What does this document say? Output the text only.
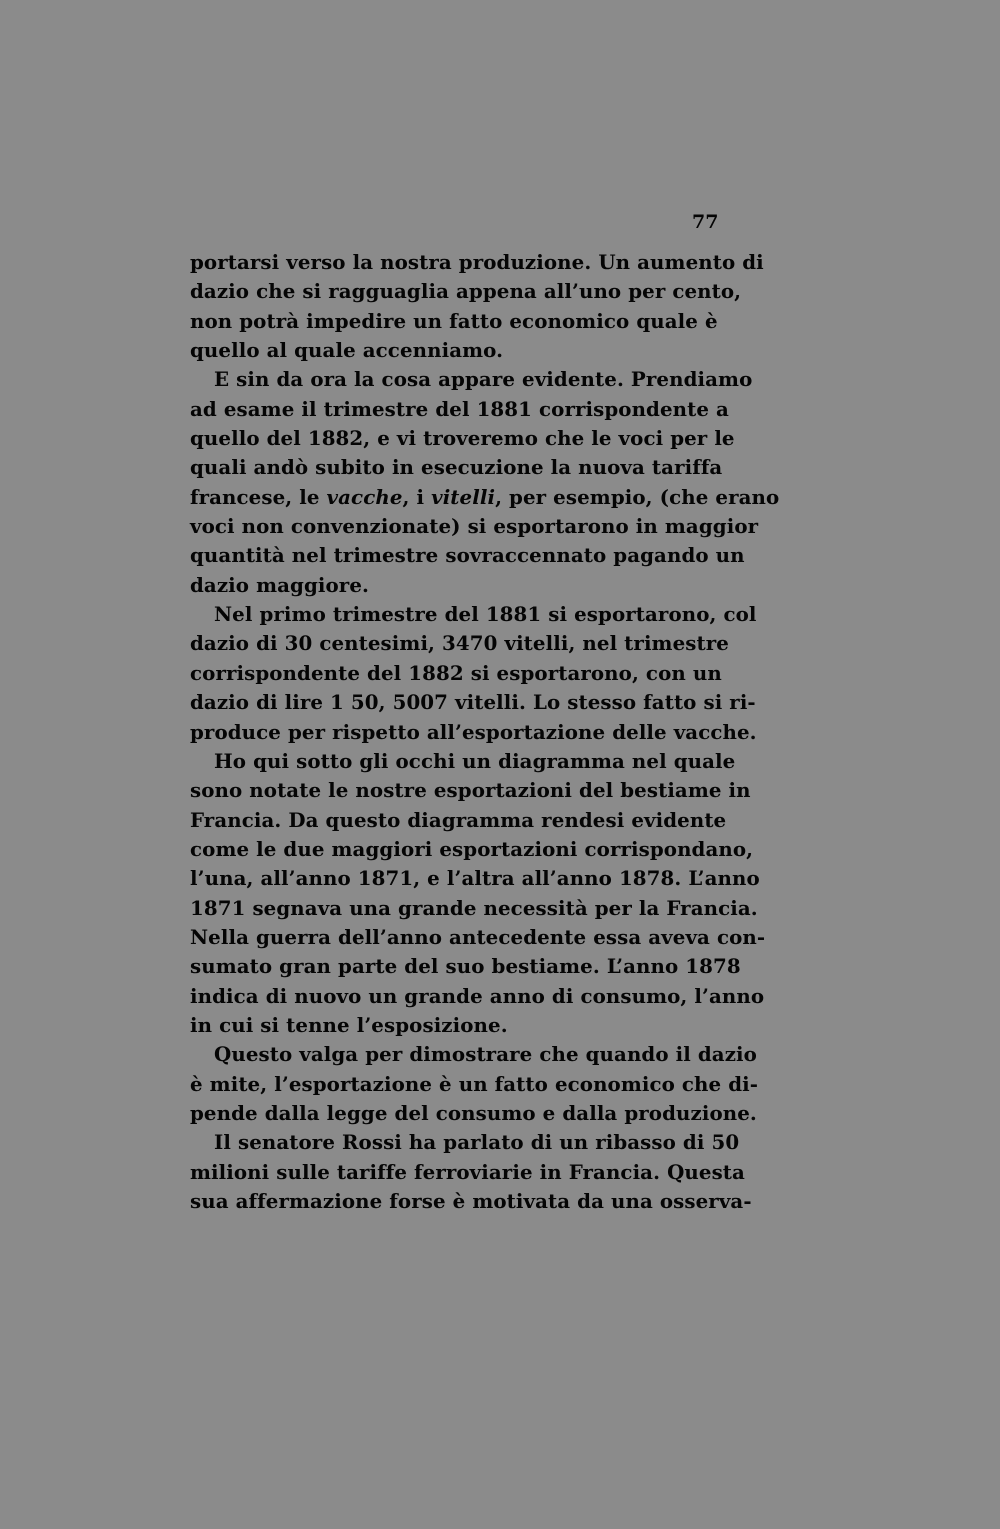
77
portarsi verso la nostra produzione. Un aumento di
dazio che si ragguaglia appena all’uno per cento,
non potrà impedire un fatto economico quale è
quello al quale accenniamo.
E sin da ora la cosa appare evidente. Prendiamo
ad esame il trimestre del 1881 corrispondente a
quello del 1882, e vi troveremo che le voci per le
quali andò subito in esecuzione la nuova tariffa
francese, le vacche, i vitelli, per esempio, (che erano
voci non convenzionate) si esportarono in maggior
quantità nel trimestre sovraccennato pagando un
dazio maggiore.
Nel primo trimestre del 1881 si esportarono, col
dazio di 30 centesimi, 3470 vitelli, nel trimestre
corrispondente del 1882 si esportarono, con un
dazio di lire 1 50, 5007 vitelli. Lo stesso fatto si ri-
produce per rispetto all’esportazione delle vacche.
Ho qui sotto gli occhi un diagramma nel quale
sono notate le nostre esportazioni del bestiame in
Francia. Da questo diagramma rendesi evidente
come le due maggiori esportazioni corrispondano,
l’una, all’anno 1871, e l’altra all’anno 1878. L’anno
1871 segnava una grande necessità per la Francia.
Nella guerra dell’anno antecedente essa aveva con-
sumato gran parte del suo bestiame. L’anno 1878
indica di nuovo un grande anno di consumo, l’anno
in cui si tenne l’esposizione.
Questo valga per dimostrare che quando il dazio
è mite, l’esportazione è un fatto economico che di-
pende dalla legge del consumo e dalla produzione.
Il senatore Rossi ha parlato di un ribasso di 50
milioni sulle tariffe ferroviarie in Francia. Questa
sua affermazione forse è motivata da una osserva-
